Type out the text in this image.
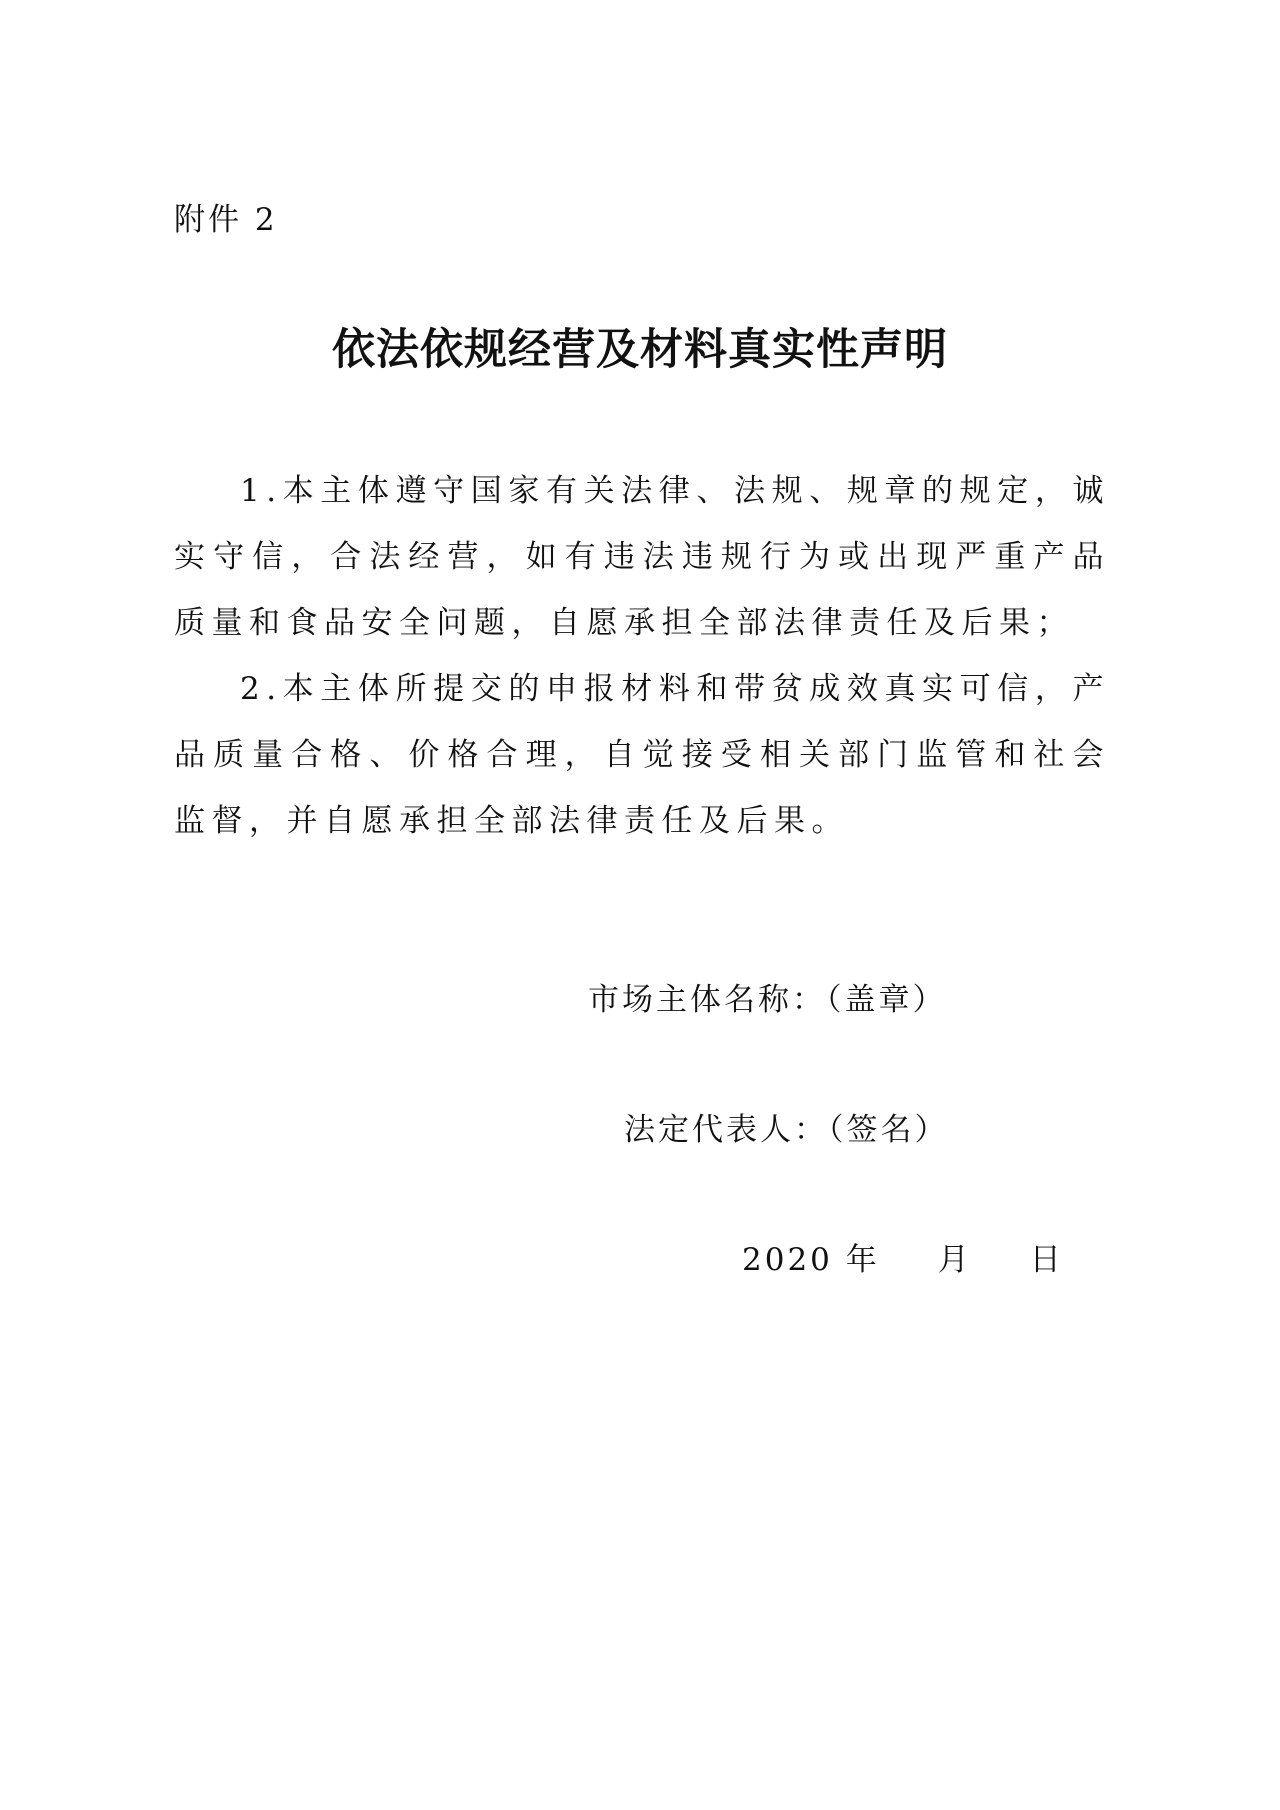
附件 2
依法依规经营及材料真实性声明

1.本主体遵守国家有关法律、法规、规章的规定，诚实守信，合法经营，如有违法违规行为或出现严重产品质量和食品安全问题，自愿承担全部法律责任及后果；

2.本主体所提交的申报材料和带贫成效真实可信，产品质量合格、价格合理，自觉接受相关部门监管和社会监督，并自愿承担全部法律责任及后果。

市场主体名称：（盖章）
法定代表人：（签名）
2020 年 月 日
